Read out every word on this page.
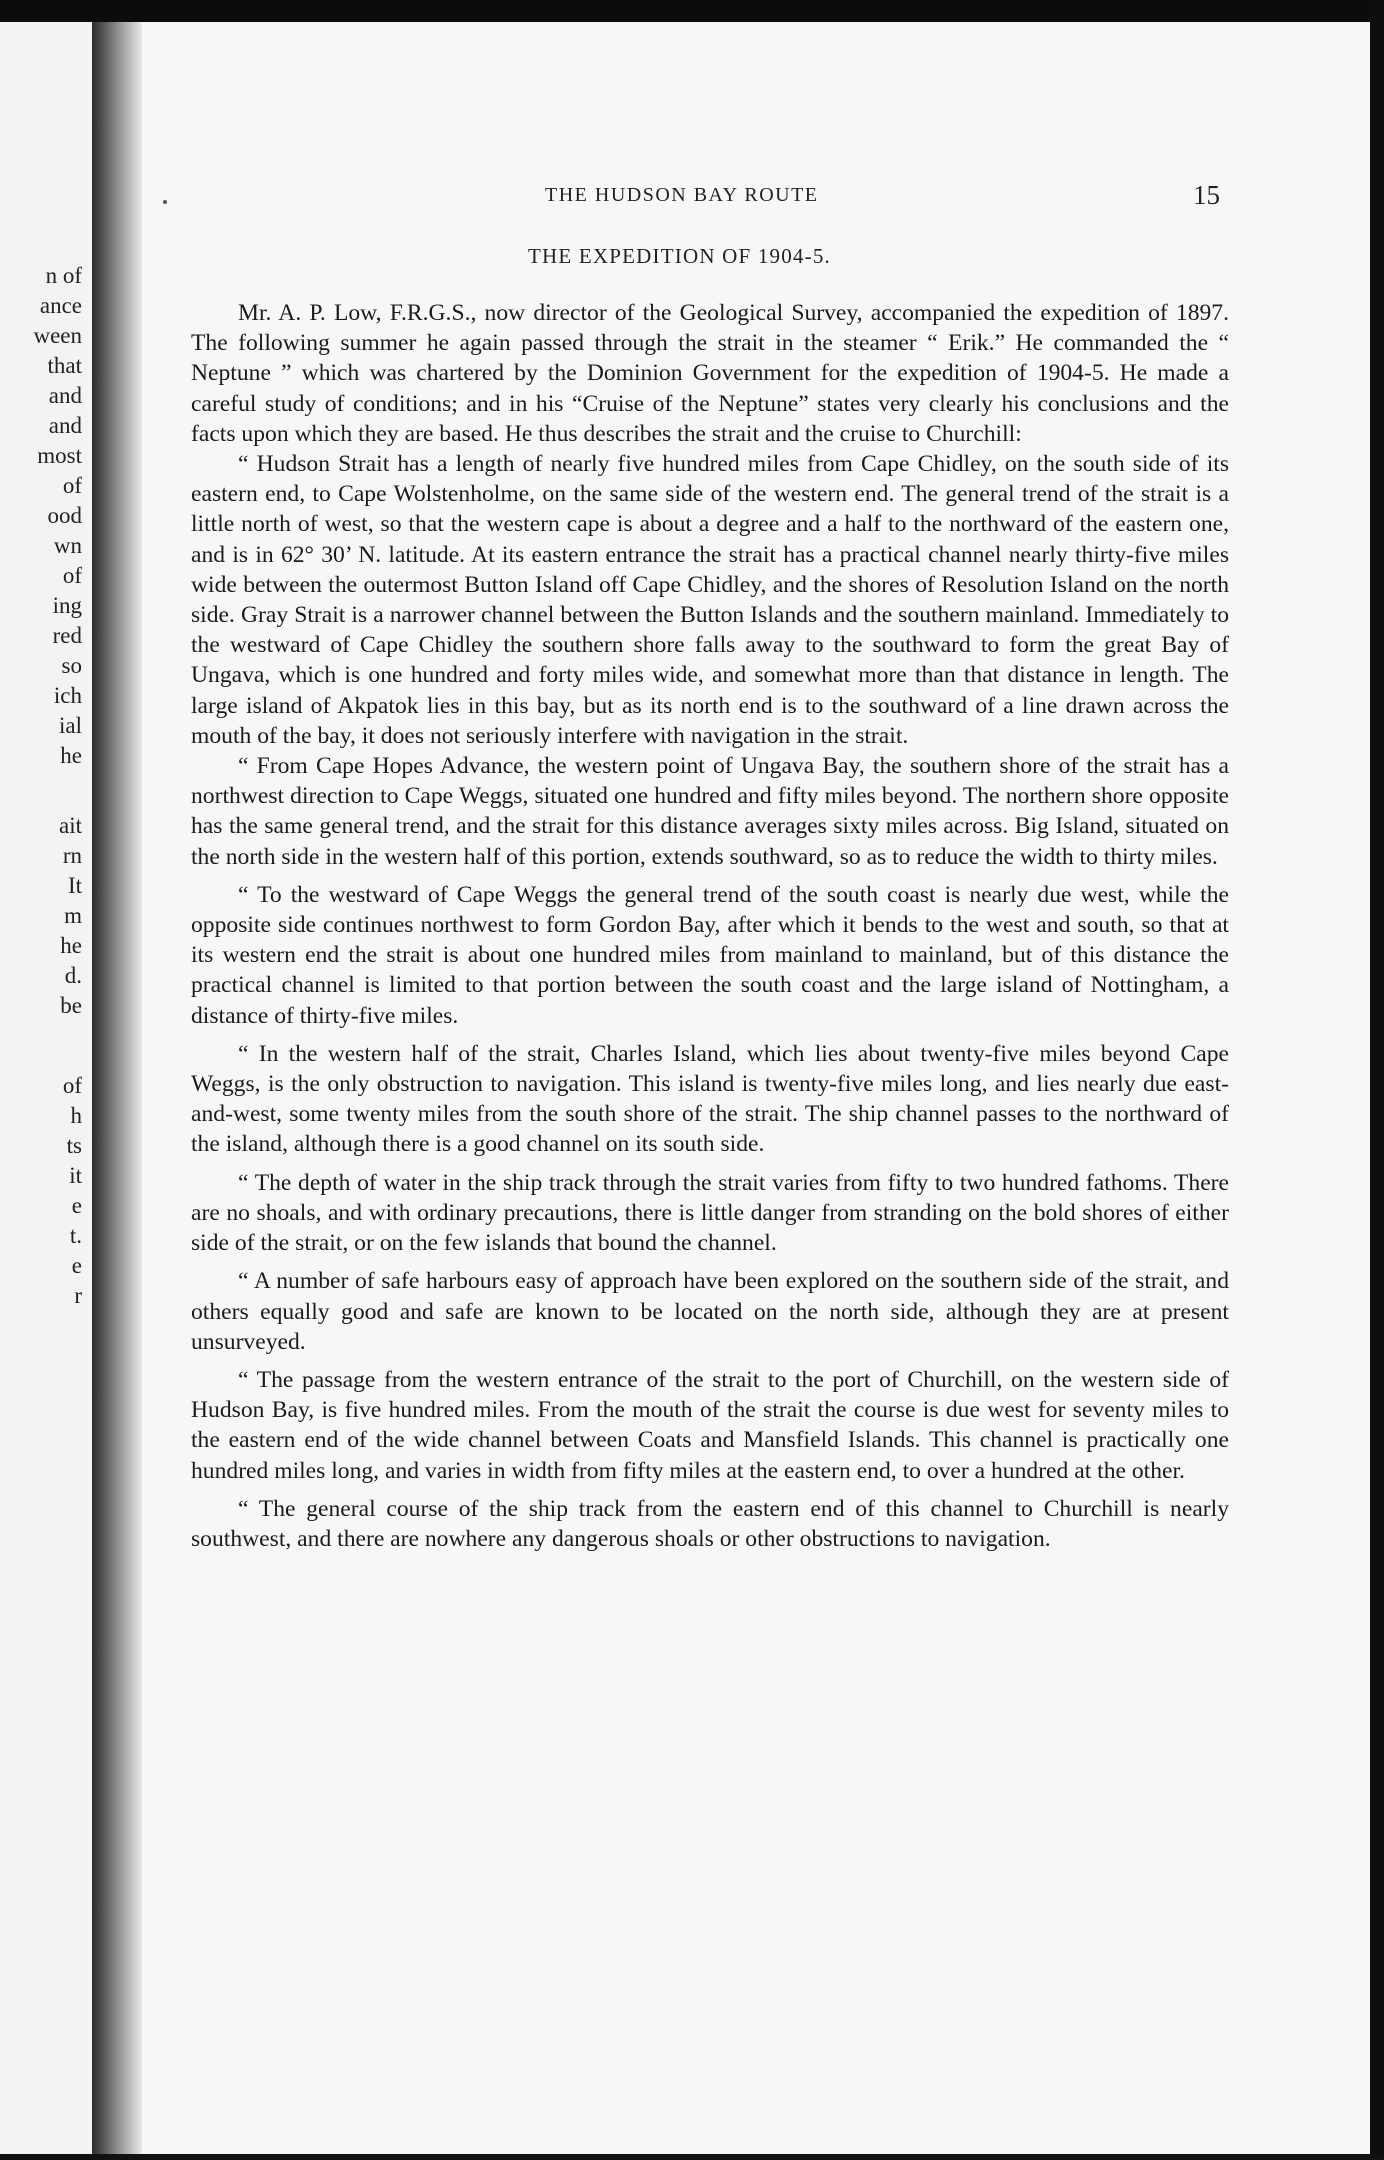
n of
ance
ween
that
and
and
most
of
ood
wn
of
ing
red
so
ich
ial
he
ait
rn
It
m
he
d.
be
of
h
ts
it
e
t.
e
r
THE HUDSON BAY ROUTE	15
THE EXPEDITION OF 1904-5.

Mr. A. P. Low, F.R.G.S., now director of the Geological Survey, accompanied the expedition of 1897. The following summer he again passed through the strait in the steamer “ Erik.” He commanded the “ Neptune ” which was chartered by the Dominion Government for the expedition of 1904-5. He made a careful study of conditions; and in his “Cruise of the Neptune” states very clearly his conclusions and the facts upon which they are based. He thus describes the strait and the cruise to Churchill:

“ Hudson Strait has a length of nearly five hundred miles from Cape Chidley, on the south side of its eastern end, to Cape Wolstenholme, on the same side of the western end. The general trend of the strait is a little north of west, so that the western cape is about a degree and a half to the northward of the eastern one, and is in 62° 30’ N. latitude. At its eastern entrance the strait has a practical channel nearly thirty-five miles wide between the outermost Button Island off Cape Chidley, and the shores of Resolution Island on the north side. Gray Strait is a narrower channel between the Button Islands and the southern mainland. Immediately to the westward of Cape Chidley the southern shore falls away to the southward to form the great Bay of Ungava, which is one hundred and forty miles wide, and somewhat more than that distance in length. The large island of Akpatok lies in this bay, but as its north end is to the southward of a line drawn across the mouth of the bay, it does not seriously interfere with navigation in the strait.

“ From Cape Hopes Advance, the western point of Ungava Bay, the southern shore of the strait has a northwest direction to Cape Weggs, situated one hundred and fifty miles beyond. The northern shore opposite has the same general trend, and the strait for this distance averages sixty miles across. Big Island, situated on the north side in the western half of this portion, extends southward, so as to reduce the width to thirty miles.

“ To the westward of Cape Weggs the general trend of the south coast is nearly due west, while the opposite side continues northwest to form Gordon Bay, after which it bends to the west and south, so that at its western end the strait is about one hundred miles from mainland to mainland, but of this distance the practical channel is limited to that portion between the south coast and the large island of Nottingham, a distance of thirty-five miles.

“ In the western half of the strait, Charles Island, which lies about twenty-five miles beyond Cape Weggs, is the only obstruction to navigation. This island is twenty-five miles long, and lies nearly due east-and-west, some twenty miles from the south shore of the strait. The ship channel passes to the northward of the island, although there is a good channel on its south side.

“ The depth of water in the ship track through the strait varies from fifty to two hundred fathoms. There are no shoals, and with ordinary precautions, there is little danger from stranding on the bold shores of either side of the strait, or on the few islands that bound the channel.

“ A number of safe harbours easy of approach have been explored on the southern side of the strait, and others equally good and safe are known to be located on the north side, although they are at present unsurveyed.

“ The passage from the western entrance of the strait to the port of Churchill, on the western side of Hudson Bay, is five hundred miles. From the mouth of the strait the course is due west for seventy miles to the eastern end of the wide channel between Coats and Mansfield Islands. This channel is practically one hundred miles long, and varies in width from fifty miles at the eastern end, to over a hundred at the other.

“ The general course of the ship track from the eastern end of this channel to Churchill is nearly southwest, and there are nowhere any dangerous shoals or other obstructions to navigation.
